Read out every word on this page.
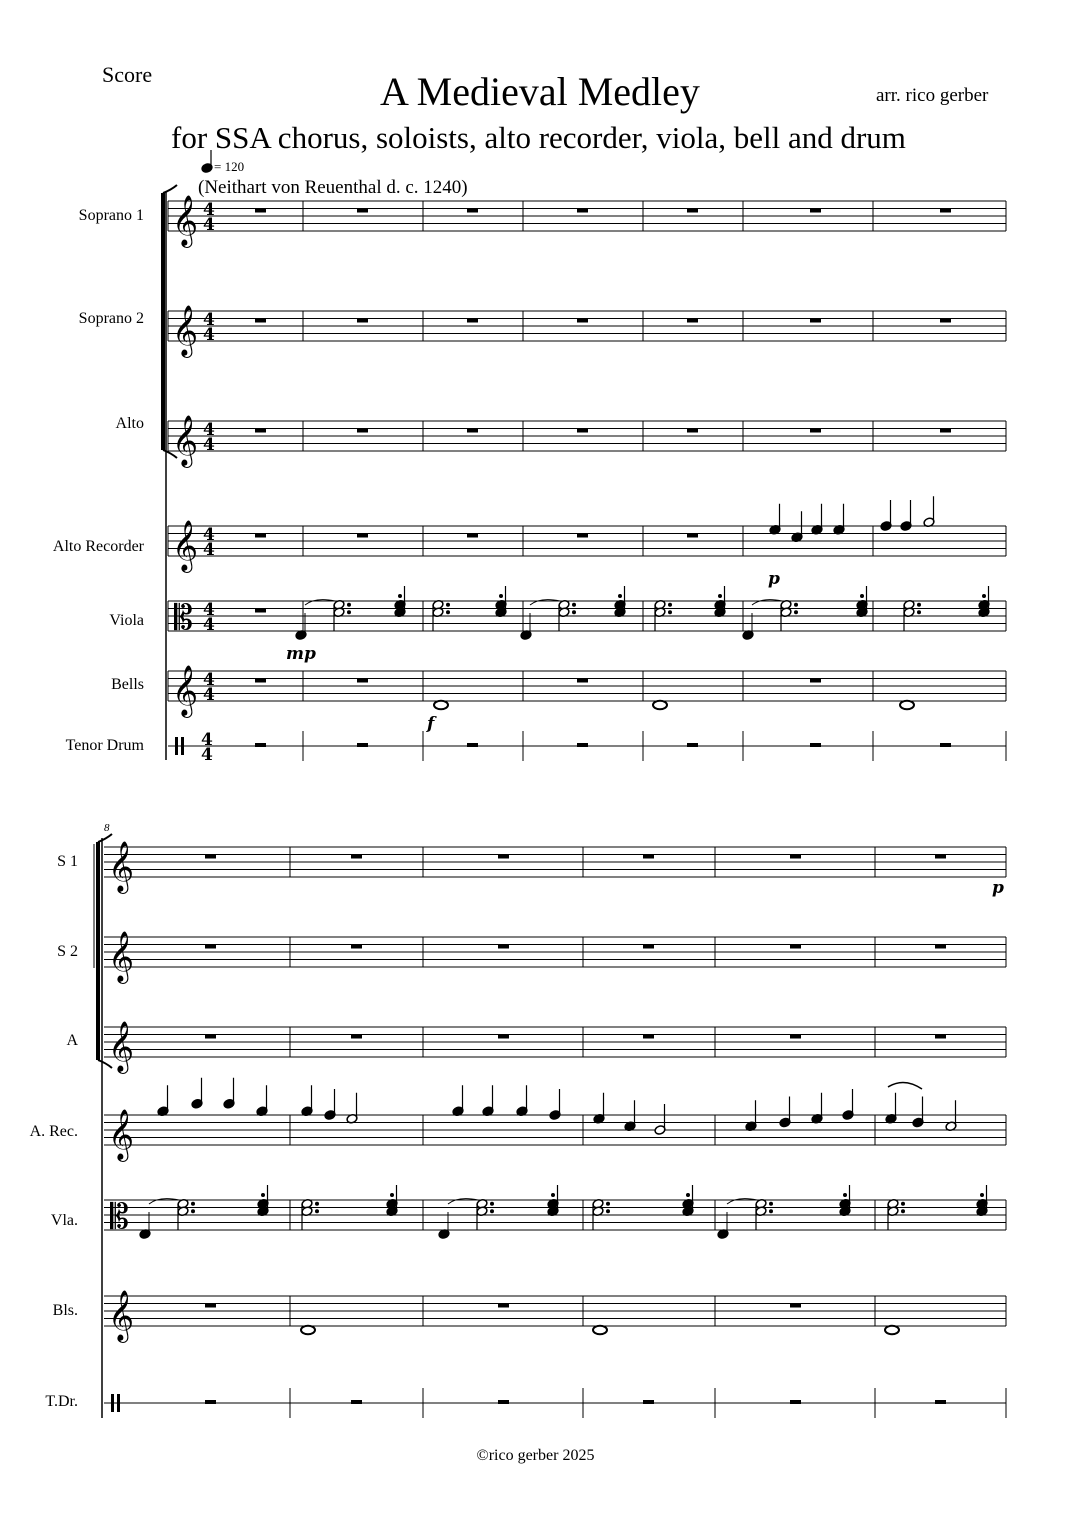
Score	A Medieval Medley	arr. rico gerber
for SSA chorus, soloists, alto recorder, viola, bell and drum
= 120
(Neithart von Reuenthal d. c. 1240)
Soprano 1
Soprano 2
Alto
Alto Recorder
Viola
Bells
Tenor Drum
S 1
S 2
A
A. Rec.
Vla.
Bls.
T.Dr.
8
mp
f
p
p
𝄞 4
4
𝄞 4
4
𝄞 4
4
𝄞 4
4
𝄡 4
4
𝄞 4
4
4
4
𝄞
𝄞
𝄞
𝄞
𝄡
𝄞
©rico gerber 2025
